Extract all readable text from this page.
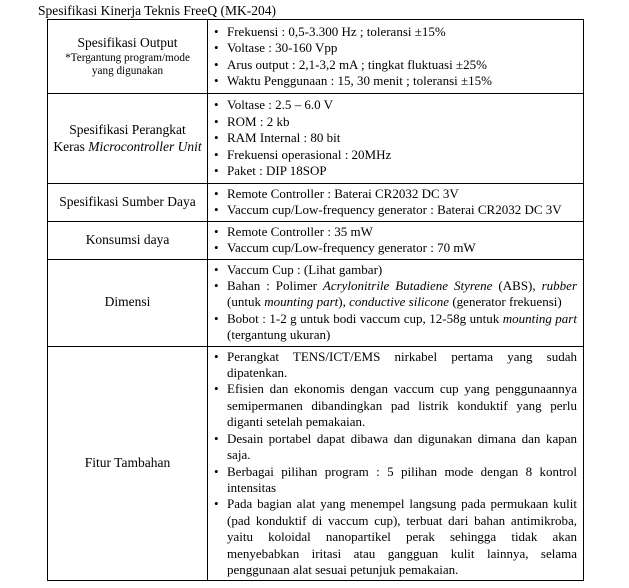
Spesifikasi Kinerja Teknis FreeQ (MK-204)
Spesifikasi Output
*Tergantung program/mode yang digunakan

• Frekuensi : 0,5-3.300 Hz ; toleransi ±15%
• Voltase : 30-160 Vpp
• Arus output : 2,1-3,2 mA ; tingkat fluktuasi ±25%
• Waktu Penggunaan : 15, 30 menit ; toleransi ±15%

Spesifikasi Perangkat Keras Microcontroller Unit

• Voltase : 2.5 – 6.0 V
• ROM : 2 kb
• RAM Internal : 80 bit
• Frekuensi operasional : 20MHz
• Paket : DIP 18SOP

Spesifikasi Sumber Daya

• Remote Controller : Baterai CR2032 DC 3V
• Vaccum cup/Low-frequency generator : Baterai CR2032 DC 3V

Konsumsi daya

• Remote Controller : 35 mW
• Vaccum cup/Low-frequency generator : 70 mW

Dimensi

• Vaccum Cup : (Lihat gambar)
• Bahan : Polimer Acrylonitrile Butadiene Styrene (ABS), rubber (untuk mounting part), conductive silicone (generator frekuensi)
• Bobot : 1-2 g untuk bodi vaccum cup, 12-58g untuk mounting part (tergantung ukuran)

Fitur Tambahan

• Perangkat TENS/ICT/EMS nirkabel pertama yang sudah dipatenkan.
• Efisien dan ekonomis dengan vaccum cup yang penggunaannya semipermanen dibandingkan pad listrik konduktif yang perlu diganti setelah pemakaian.
• Desain portabel dapat dibawa dan digunakan dimana dan kapan saja.
• Berbagai pilihan program : 5 pilihan mode dengan 8 kontrol intensitas
• Pada bagian alat yang menempel langsung pada permukaan kulit (pad konduktif di vaccum cup), terbuat dari bahan antimikroba, yaitu koloidal nanopartikel perak sehingga tidak akan menyebabkan iritasi atau gangguan kulit lainnya, selama penggunaan alat sesuai petunjuk pemakaian.
